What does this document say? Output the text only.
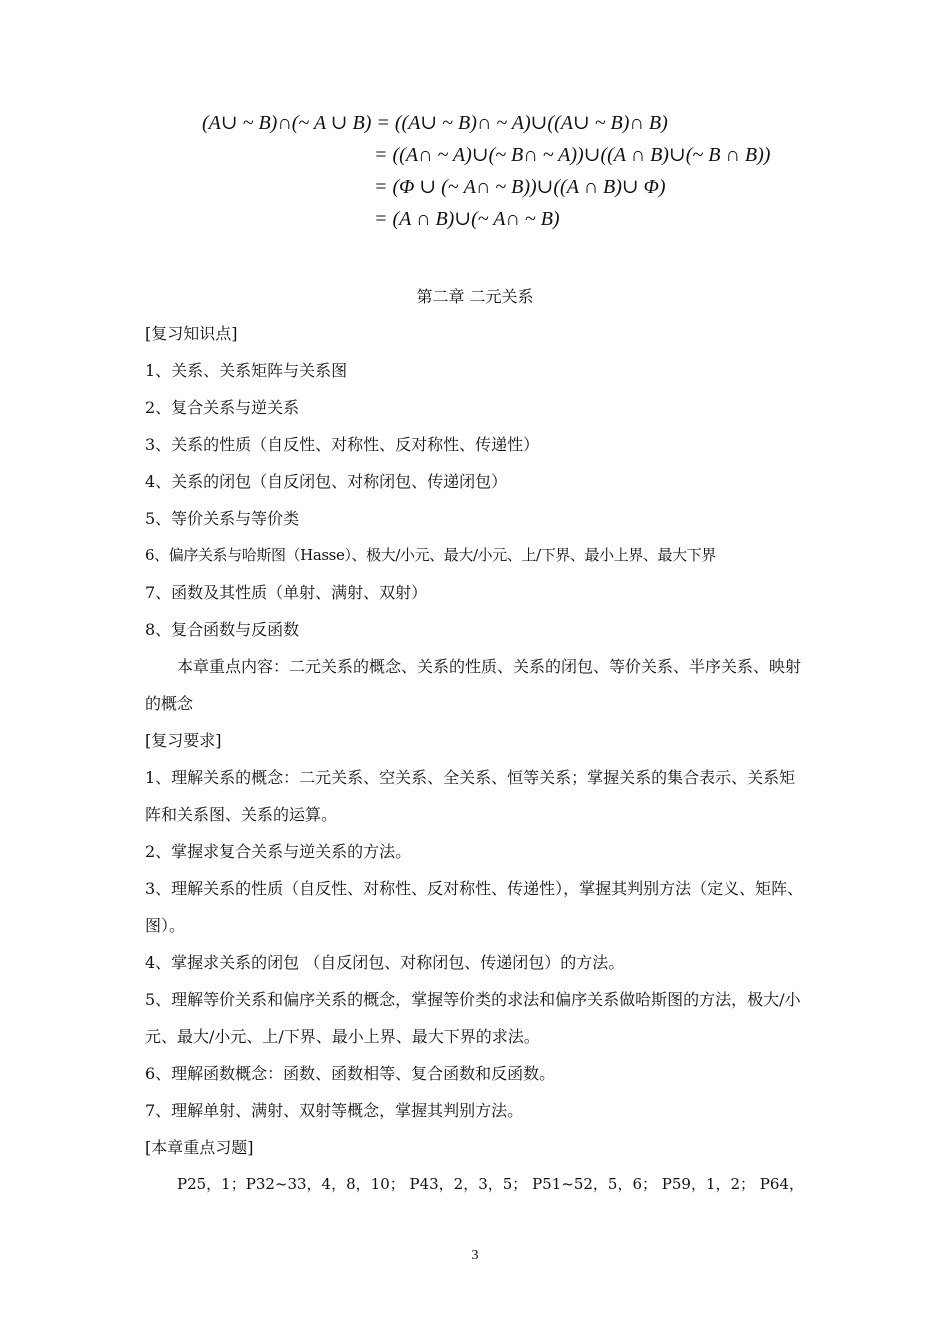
(A∪ ~ B)∩(~ A ∪ B) = ((A∪ ~ B)∩ ~ A)∪((A∪ ~ B)∩ B)
= ((A∩ ~ A)∪(~ B∩ ~ A))∪((A ∩ B)∪(~ B ∩ B))
= (Φ ∪ (~ A∩ ~ B))∪((A ∩ B)∪ Φ)
= (A ∩ B)∪(~ A∩ ~ B)
第二章 二元关系
[复习知识点]
1、关系、关系矩阵与关系图
2、复合关系与逆关系
3、关系的性质（自反性、对称性、反对称性、传递性）
4、关系的闭包（自反闭包、对称闭包、传递闭包）
5、等价关系与等价类
6、偏序关系与哈斯图（Hasse）、极大/小元、最大/小元、上/下界、最小上界、最大下界
7、函数及其性质（单射、满射、双射）
8、复合函数与反函数
本章重点内容：二元关系的概念、关系的性质、关系的闭包、等价关系、半序关系、映射的概念
[复习要求]
1、理解关系的概念：二元关系、空关系、全关系、恒等关系；掌握关系的集合表示、关系矩阵和关系图、关系的运算。
2、掌握求复合关系与逆关系的方法。
3、理解关系的性质（自反性、对称性、反对称性、传递性），掌握其判别方法（定义、矩阵、图）。
4、掌握求关系的闭包 （自反闭包、对称闭包、传递闭包）的方法。
5、理解等价关系和偏序关系的概念，掌握等价类的求法和偏序关系做哈斯图的方法，极大/小元、最大/小元、上/下界、最小上界、最大下界的求法。
6、理解函数概念：函数、函数相等、复合函数和反函数。
7、理解单射、满射、双射等概念，掌握其判别方法。
[本章重点习题]
P25，1；P32~33，4，8，10； P43，2，3，5； P51~52，5，6； P59，1，2； P64，
3
